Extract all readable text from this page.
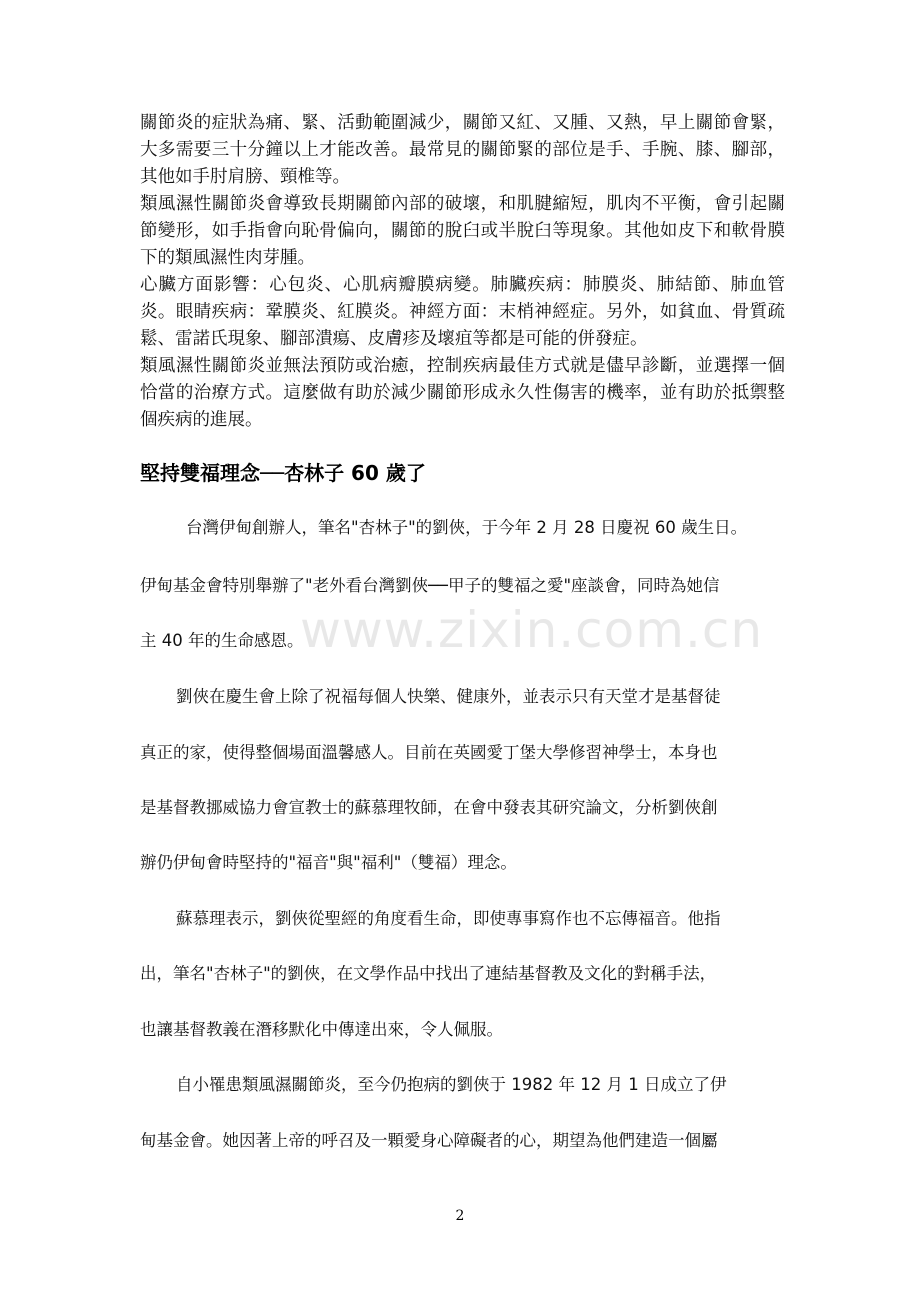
關節炎的症狀為痛、緊、活動範圍減少，關節又紅、又腫、又熱，早上關節會緊，大多需要三十分鐘以上才能改善。最常見的關節緊的部位是手、手腕、膝、腳部，其他如手肘肩膀、頸椎等。

類風濕性關節炎會導致長期關節內部的破壞，和肌腱縮短，肌肉不平衡，會引起關節變形，如手指會向恥骨偏向，關節的脫臼或半脫臼等現象。其他如皮下和軟骨膜下的類風濕性肉芽腫。

心臟方面影響：心包炎、心肌病瓣膜病變。肺臟疾病：肺膜炎、肺結節、肺血管炎。眼睛疾病：鞏膜炎、紅膜炎。神經方面：末梢神經症。另外，如貧血、骨質疏鬆、雷諾氏現象、腳部潰瘍、皮膚疹及壞疽等都是可能的併發症。

類風濕性關節炎並無法預防或治癒，控制疾病最佳方式就是儘早診斷，並選擇一個恰當的治療方式。這麼做有助於減少關節形成永久性傷害的機率，並有助於抵禦整個疾病的進展。

堅持雙福理念──杏林子 60 歲了
台灣伊甸創辦人，筆名"杏林子"的劉俠，于今年 2 月 28 日慶祝 60 歲生日。
伊甸基金會特別舉辦了"老外看台灣劉俠──甲子的雙福之愛"座談會，同時為她信
主 40 年的生命感恩。
劉俠在慶生會上除了祝福每個人快樂、健康外，並表示只有天堂才是基督徒
真正的家，使得整個場面溫馨感人。目前在英國愛丁堡大學修習神學士，本身也
是基督教挪威協力會宣教士的蘇慕理牧師，在會中發表其研究論文，分析劉俠創
辦仍伊甸會時堅持的"福音"與"福利"（雙福）理念。
蘇慕理表示，劉俠從聖經的角度看生命，即使專事寫作也不忘傳福音。他指
出，筆名"杏林子"的劉俠，在文學作品中找出了連結基督教及文化的對稱手法，
也讓基督教義在潛移默化中傳達出來，令人佩服。
自小罹患類風濕關節炎，至今仍抱病的劉俠于 1982 年 12 月 1 日成立了伊
甸基金會。她因著上帝的呼召及一顆愛身心障礙者的心，期望為他們建造一個屬
www.zixin.com.cn
2
